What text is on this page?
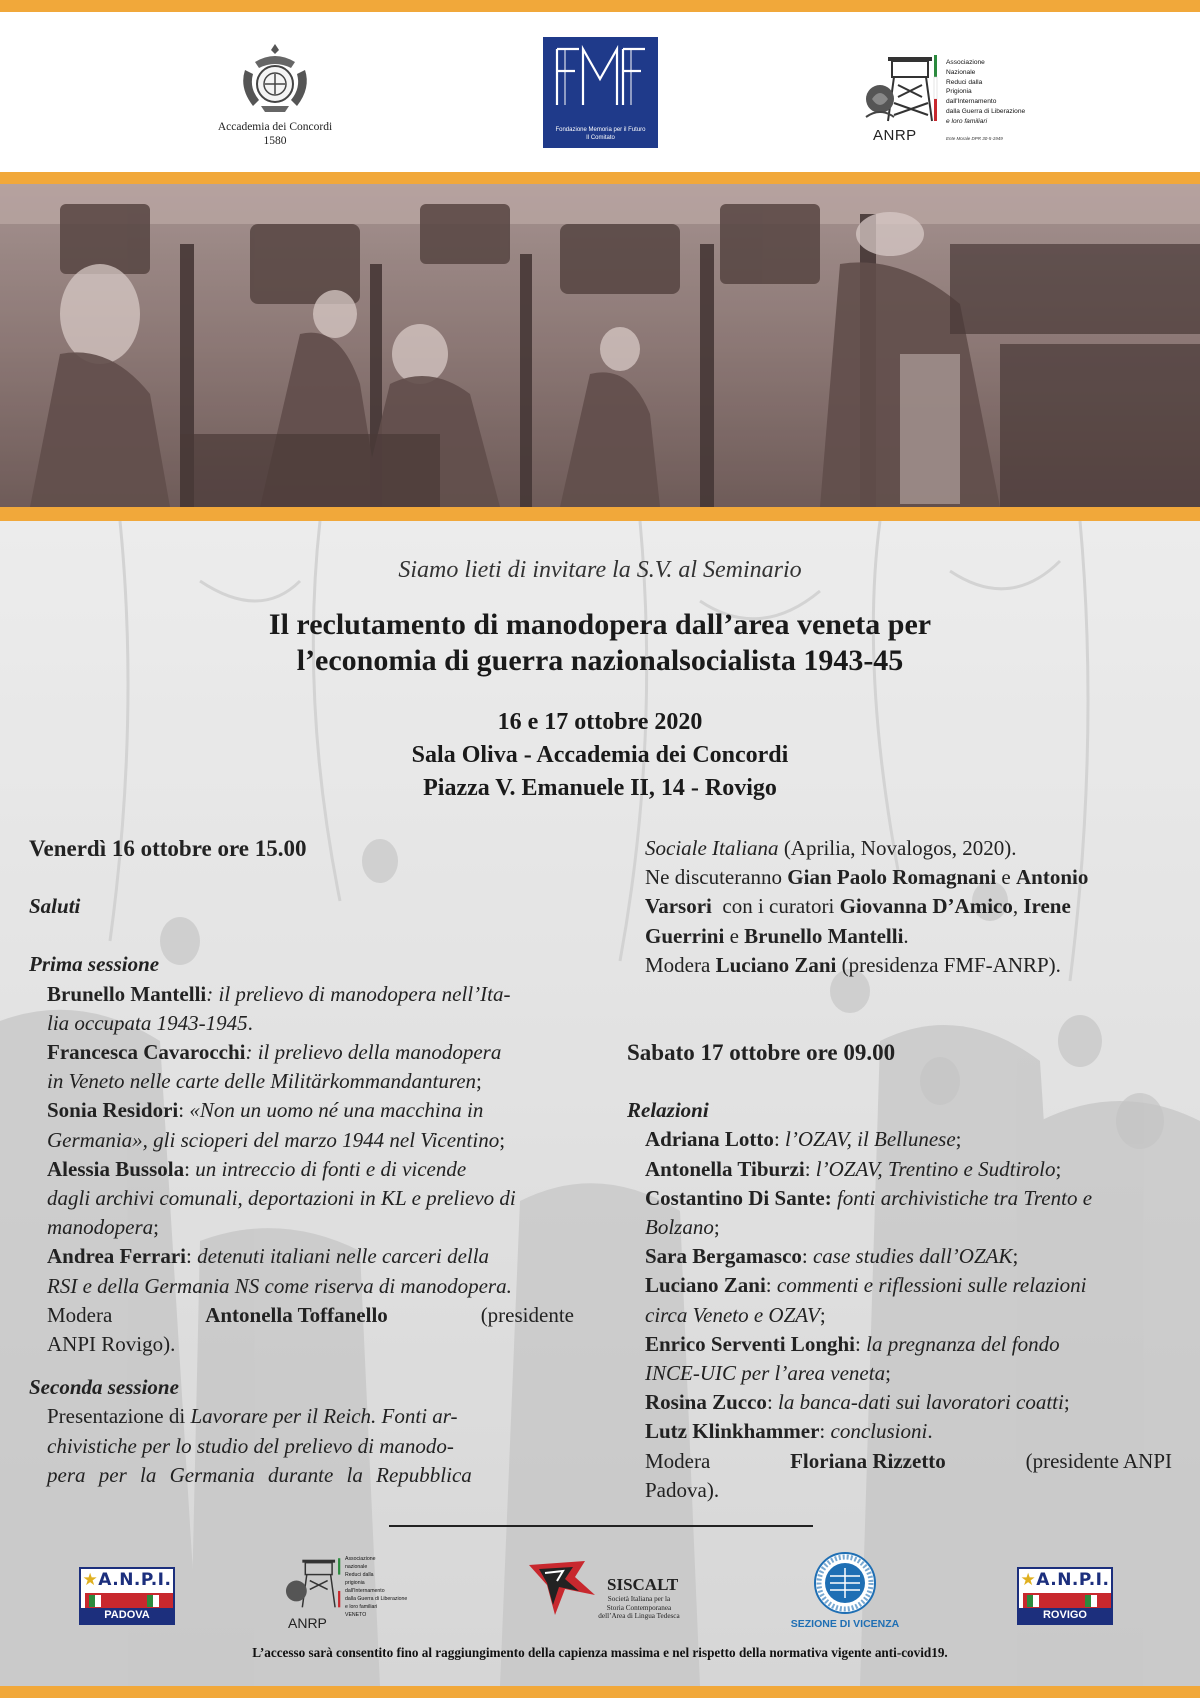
Accademia dei Concordi
1580
Fondazione Memoria per il Futuro
Il Comitato
Associazione
Nazionale
Reduci dalla
Prigionia
dall'Internamento
dalla Guerra di Liberazione
e loro familiari
ANRP	Ente Morale DPR 30-5-1949
Siamo lieti di invitare la S.V. al Seminario
Il reclutamento di manodopera dall’area veneta per
l’economia di guerra nazionalsocialista 1943-45
16 e 17 ottobre 2020
Sala Oliva - Accademia dei Concordi
Piazza V. Emanuele II, 14 - Rovigo
Venerdì 16 ottobre ore 15.00
Saluti
Prima sessione
Brunello Mantelli: il prelievo di manodopera nell’Ita-
lia occupata 1943-1945.
Francesca Cavarocchi: il prelievo della manodopera
in Veneto nelle carte delle Militärkommandanturen;
Sonia Residori: «Non un uomo né una macchina in
Germania», gli scioperi del marzo 1944 nel Vicentino;
Alessia Bussola: un intreccio di fonti e di vicende
dagli archivi comunali, deportazioni in KL e prelievo di
manodopera;
Andrea Ferrari: detenuti italiani nelle carceri della
RSI e della Germania NS come riserva di manodopera.
Modera	Antonella Toffanello	(presidente
ANPI Rovigo).
Seconda sessione
Presentazione di Lavorare per il Reich. Fonti ar-
chivistiche per lo studio del prelievo di manodo-
pera per la Germania durante la Repubblica
Sociale Italiana (Aprilia, Novalogos, 2020).
Ne discuteranno Gian Paolo Romagnani e Antonio
Varsori  con i curatori Giovanna D’Amico, Irene
Guerrini e Brunello Mantelli.
Modera Luciano Zani (presidenza FMF-ANRP).
Sabato 17 ottobre ore 09.00
Relazioni
Adriana Lotto: l’OZAV, il Bellunese;
Antonella Tiburzi: l’OZAV, Trentino e Sudtirolo;
Costantino Di Sante: fonti archivistiche tra Trento e
Bolzano;
Sara Bergamasco: case studies dall’OZAK;
Luciano Zani: commenti e riflessioni sulle relazioni
circa Veneto e OZAV;
Enrico Serventi Longhi: la pregnanza del fondo
INCE-UIC per l’area veneta;
Rosina Zucco: la banca-dati sui lavoratori coatti;
Lutz Klinkhammer: conclusioni.
Modera	Floriana Rizzetto	(presidente ANPI
Padova).
★A.N.P.I.
PADOVA
Associazione
nazionale
Reduci dalla
prigionia
dall'Internamento
dalla Guerra di Liberazione
e loro familiari
VENETO
ANRP
SISCALT
Società Italiana per la
Storia Contemporanea
dell’Area di Lingua Tedesca
SEZIONE DI VICENZA
★A.N.P.I.
ROVIGO
L’accesso sarà consentito fino al raggiungimento della capienza massima e nel rispetto della normativa vigente anti-covid19.
